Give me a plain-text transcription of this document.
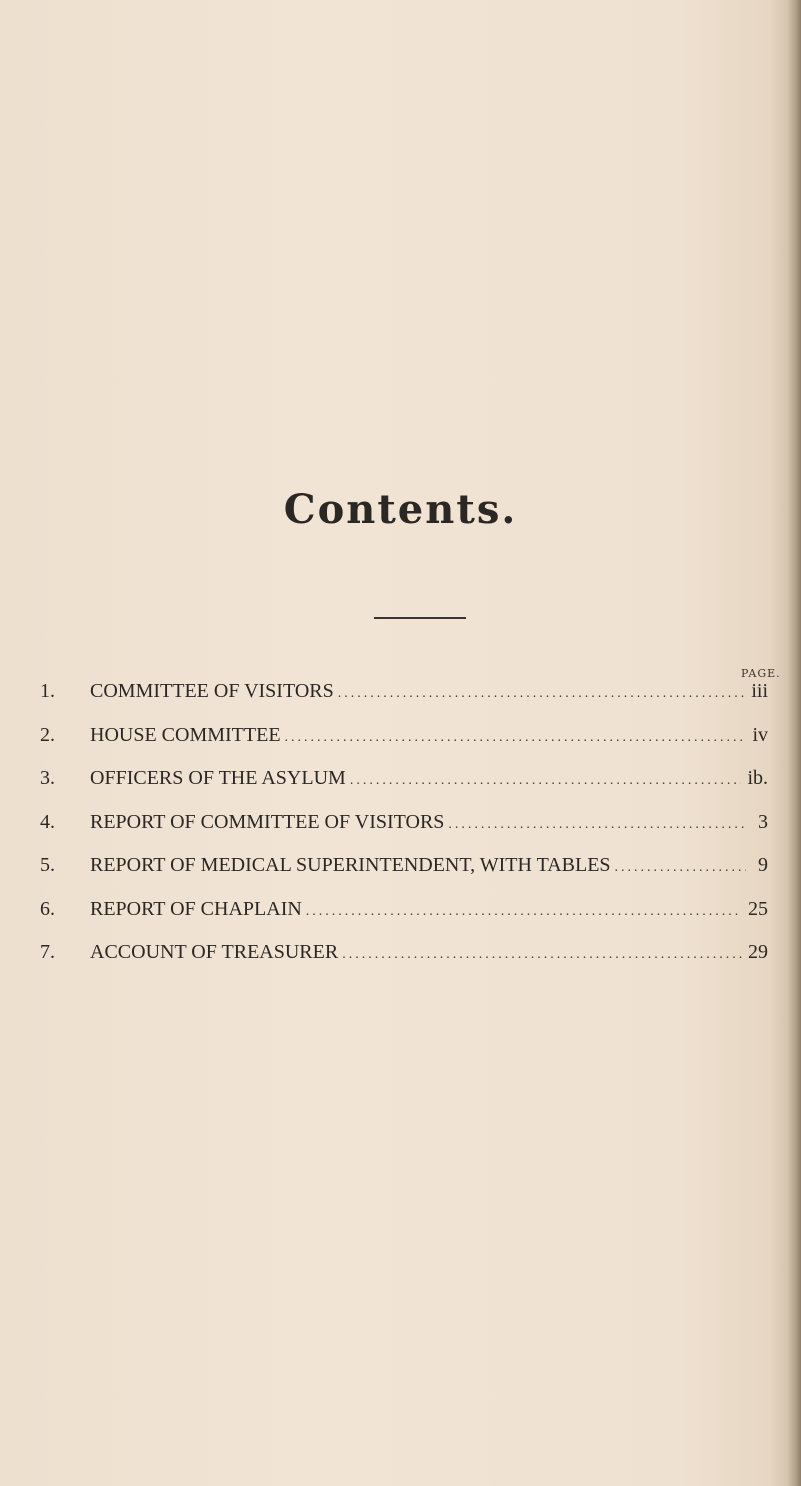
Contents.
PAGE.
1.	COMMITTEE OF VISITORS .....	iii
2.	HOUSE COMMITTEE .....	iv
3.	OFFICERS OF THE ASYLUM .....	ib.
4.	REPORT OF COMMITTEE OF VISITORS .....	3
5.	REPORT OF MEDICAL SUPERINTENDENT, WITH TABLES .....	9
6.	REPORT OF CHAPLAIN .....	25
7.	ACCOUNT OF TREASURER .....	29
